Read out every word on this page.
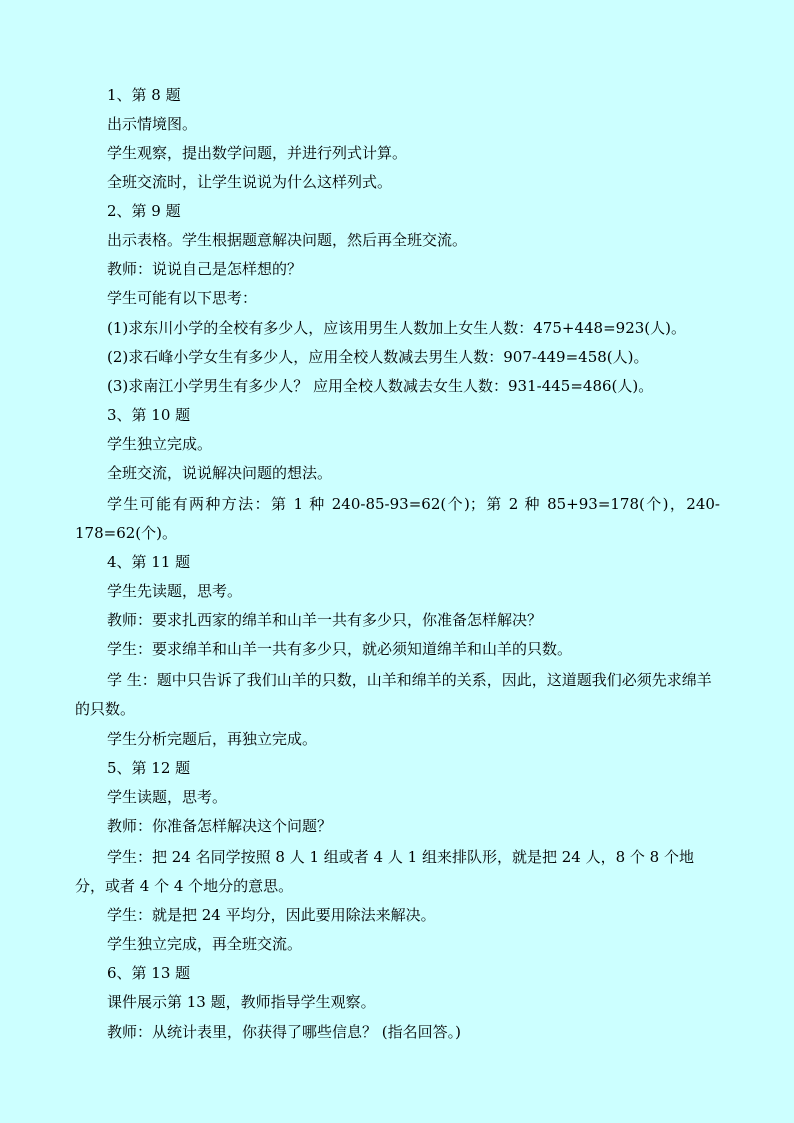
1、第 8 题
出示情境图。
学生观察，提出数学问题，并进行列式计算。
全班交流时，让学生说说为什么这样列式。
2、第 9 题
出示表格。学生根据题意解决问题，然后再全班交流。
教师：说说自己是怎样想的？
学生可能有以下思考：
(1)求东川小学的全校有多少人，应该用男生人数加上女生人数：475+448=923(人)。
(2)求石峰小学女生有多少人，应用全校人数减去男生人数：907-449=458(人)。
(3)求南江小学男生有多少人？ 应用全校人数减去女生人数：931-445=486(人)。
3、第 10 题
学生独立完成。
全班交流，说说解决问题的想法。
学生可能有两种方法：第 1 种 240-85-93=62(个)；第 2 种 85+93=178(个)，240-178=62(个)。
4、第 11 题
学生先读题，思考。
教师：要求扎西家的绵羊和山羊一共有多少只，你准备怎样解决？
学生：要求绵羊和山羊一共有多少只，就必须知道绵羊和山羊的只数。
学 生：题中只告诉了我们山羊的只数，山羊和绵羊的关系，因此，这道题我们必须先求绵羊的只数。
学生分析完题后，再独立完成。
5、第 12 题
学生读题，思考。
教师：你准备怎样解决这个问题？
学生：把 24 名同学按照 8 人 1 组或者 4 人 1 组来排队形，就是把 24 人，8 个 8 个地分，或者 4 个 4 个地分的意思。
学生：就是把 24 平均分，因此要用除法来解决。
学生独立完成，再全班交流。
6、第 13 题
课件展示第 13 题，教师指导学生观察。
教师：从统计表里，你获得了哪些信息？ (指名回答。)
